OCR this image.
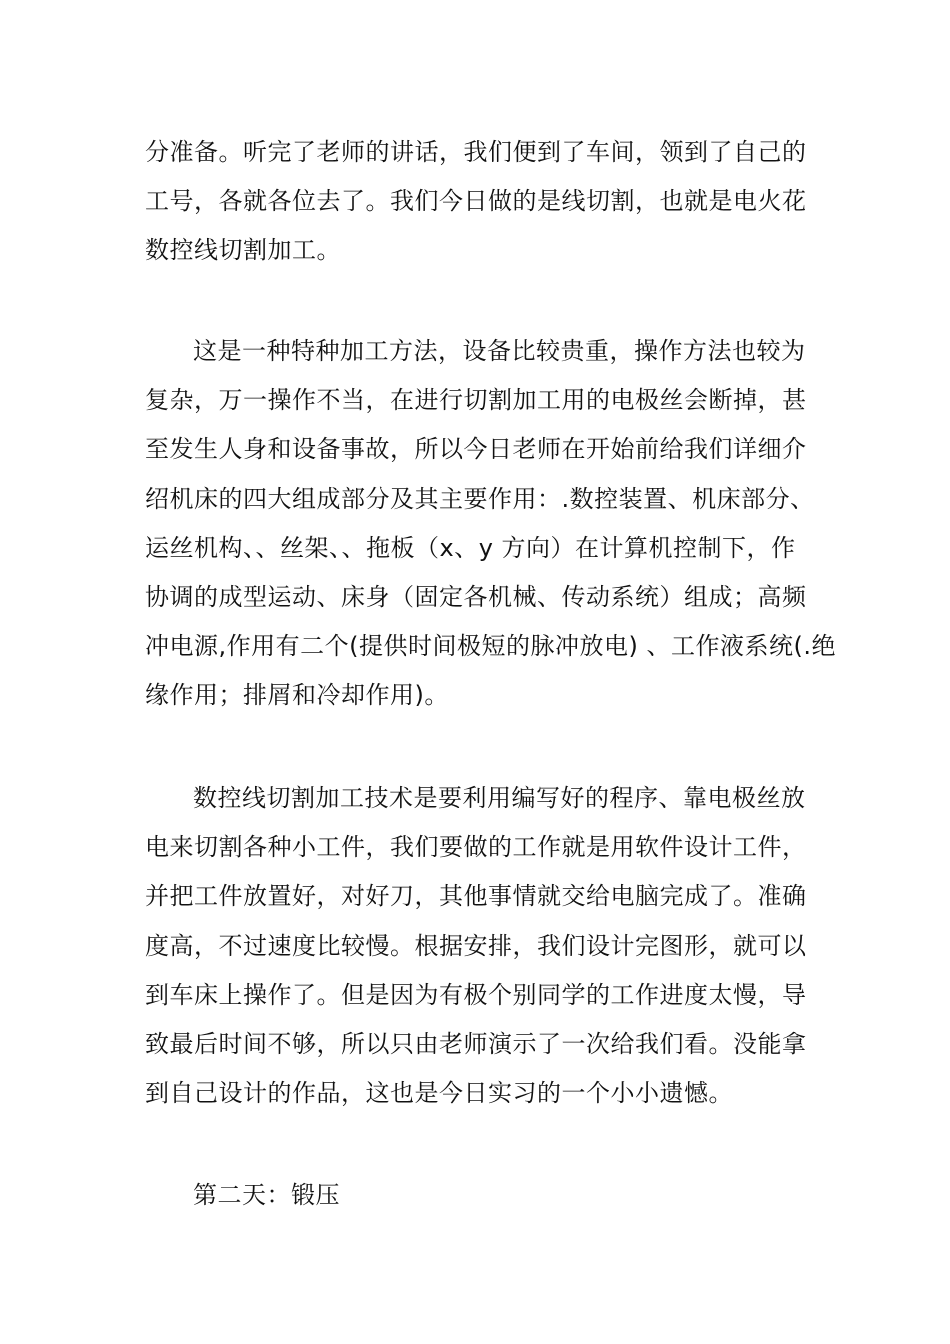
分准备。听完了老师的讲话，我们便到了车间，领到了自己的
工号，各就各位去了。我们今日做的是线切割，也就是电火花
数控线切割加工。
这是一种特种加工方法，设备比较贵重，操作方法也较为
复杂，万一操作不当，在进行切割加工用的电极丝会断掉，甚
至发生人身和设备事故，所以今日老师在开始前给我们详细介
绍机床的四大组成部分及其主要作用：.数控装置、机床部分、
运丝机构、、丝架、、拖板（x、y 方向）在计算机控制下，作
协调的成型运动、床身（固定各机械、传动系统）组成；高频
冲电源,作用有二个(提供时间极短的脉冲放电) 、工作液系统(.绝
缘作用；排屑和冷却作用)。
数控线切割加工技术是要利用编写好的程序、靠电极丝放
电来切割各种小工件，我们要做的工作就是用软件设计工件，
并把工件放置好，对好刀，其他事情就交给电脑完成了。准确
度高，不过速度比较慢。根据安排，我们设计完图形，就可以
到车床上操作了。但是因为有极个别同学的工作进度太慢，导
致最后时间不够，所以只由老师演示了一次给我们看。没能拿
到自己设计的作品，这也是今日实习的一个小小遗憾。
第二天：锻压
